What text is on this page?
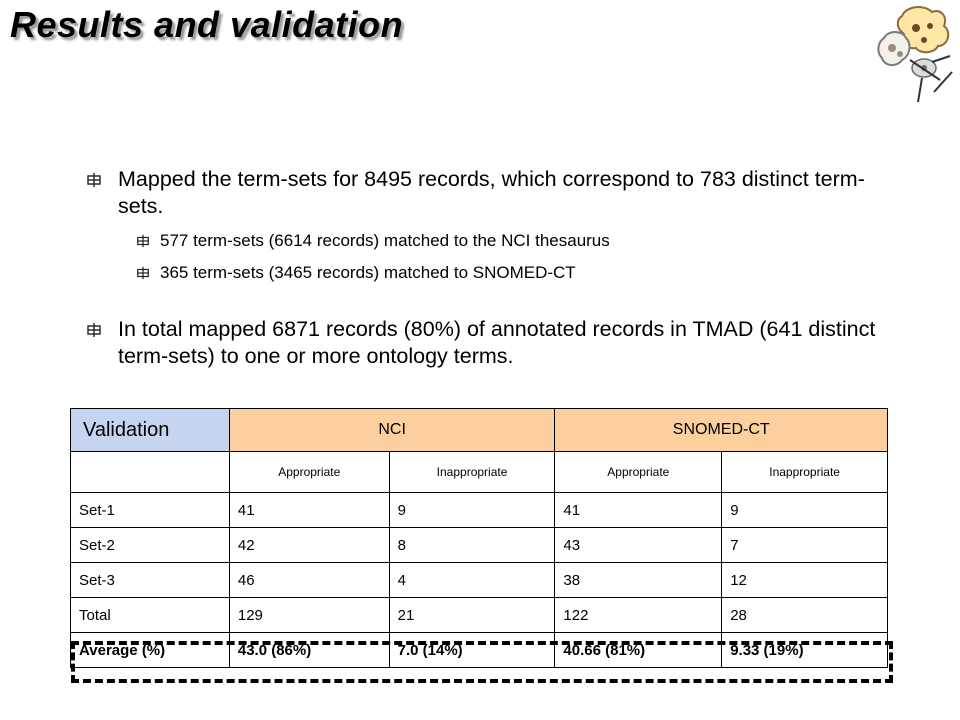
Results and validation
Mapped the term-sets for 8495 records, which correspond to 783 distinct term-sets.
577 term-sets (6614 records) matched to the NCI thesaurus
365 term-sets (3465 records) matched to SNOMED-CT
In total mapped 6871 records (80%) of annotated records in TMAD (641 distinct term-sets) to one or more ontology terms.
Validation	NCI		SNOMED-CT	
	Appropriate	Inappropriate	Appropriate	Inappropriate
Set-1	41	9	41	9
Set-2	42	8	43	7
Set-3	46	4	38	12
Total	129	21	122	28
Average (%)	43.0 (86%)	7.0 (14%)	40.66 (81%)	9.33 (19%)
